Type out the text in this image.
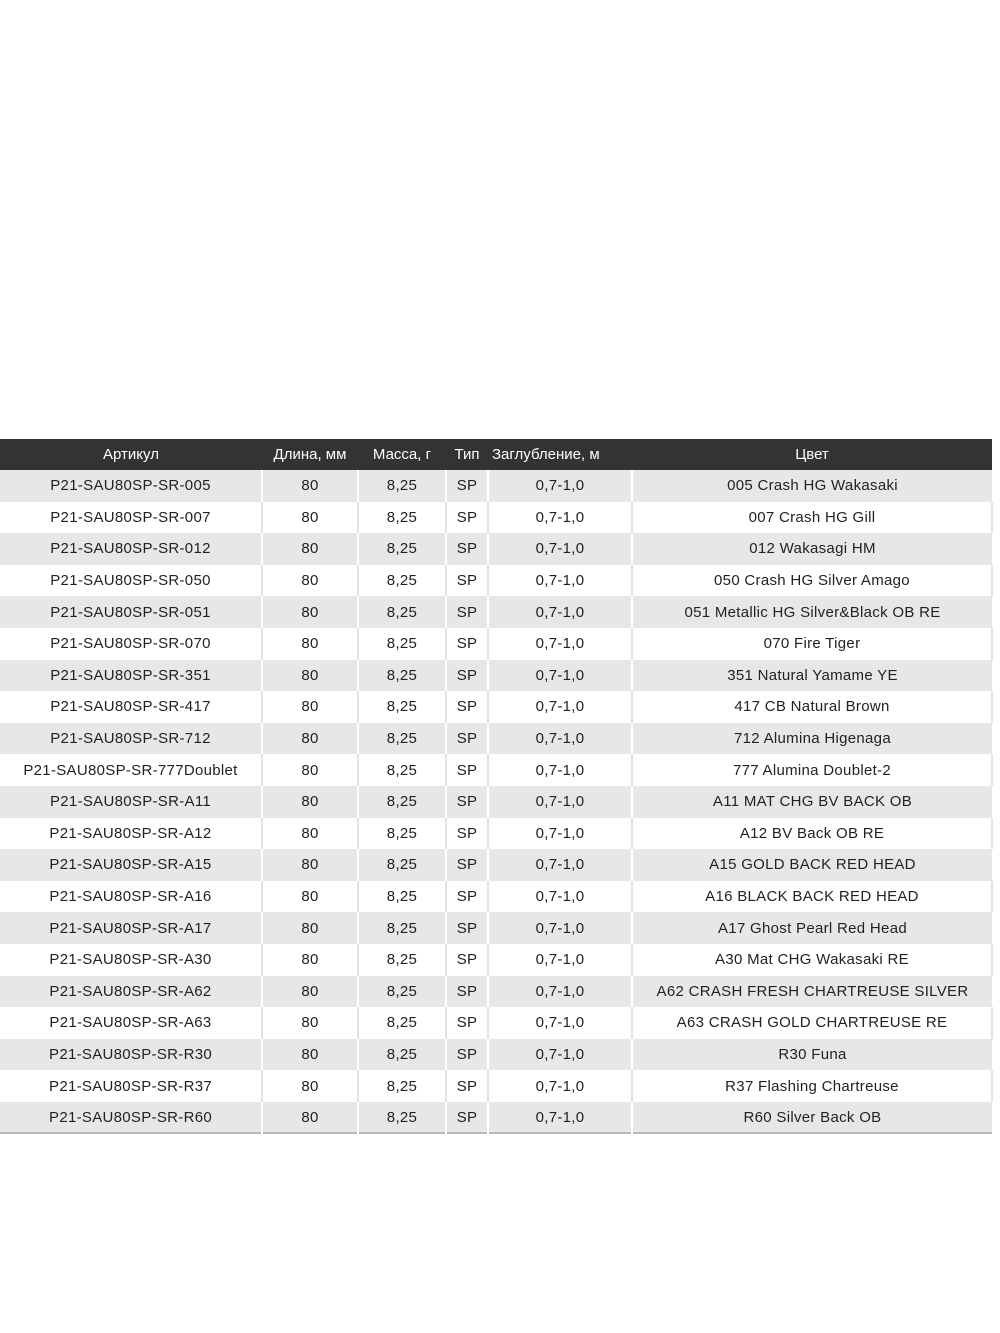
Артикул	Длина, мм	Масса, г	Тип	Заглубление, м	Цвет
P21-SAU80SP-SR-005	80	8,25	SP	0,7-1,0	005 Crash HG Wakasaki
P21-SAU80SP-SR-007	80	8,25	SP	0,7-1,0	007 Crash HG Gill
P21-SAU80SP-SR-012	80	8,25	SP	0,7-1,0	012 Wakasagi HM
P21-SAU80SP-SR-050	80	8,25	SP	0,7-1,0	050 Crash HG Silver Amago
P21-SAU80SP-SR-051	80	8,25	SP	0,7-1,0	051 Metallic HG Silver&Black OB RE
P21-SAU80SP-SR-070	80	8,25	SP	0,7-1,0	070 Fire Tiger
P21-SAU80SP-SR-351	80	8,25	SP	0,7-1,0	351 Natural Yamame YE
P21-SAU80SP-SR-417	80	8,25	SP	0,7-1,0	417 CB Natural Brown
P21-SAU80SP-SR-712	80	8,25	SP	0,7-1,0	712 Alumina Higenaga
P21-SAU80SP-SR-777Doublet	80	8,25	SP	0,7-1,0	777 Alumina Doublet-2
P21-SAU80SP-SR-A11	80	8,25	SP	0,7-1,0	A11 MAT CHG BV BACK OB
P21-SAU80SP-SR-A12	80	8,25	SP	0,7-1,0	A12 BV Back OB RE
P21-SAU80SP-SR-A15	80	8,25	SP	0,7-1,0	A15 GOLD BACK RED HEAD
P21-SAU80SP-SR-A16	80	8,25	SP	0,7-1,0	A16 BLACK BACK RED HEAD
P21-SAU80SP-SR-A17	80	8,25	SP	0,7-1,0	A17 Ghost Pearl Red Head
P21-SAU80SP-SR-A30	80	8,25	SP	0,7-1,0	A30 Mat CHG Wakasaki RE
P21-SAU80SP-SR-A62	80	8,25	SP	0,7-1,0	A62 CRASH FRESH CHARTREUSE SILVER
P21-SAU80SP-SR-A63	80	8,25	SP	0,7-1,0	A63 CRASH GOLD CHARTREUSE RE
P21-SAU80SP-SR-R30	80	8,25	SP	0,7-1,0	R30 Funa
P21-SAU80SP-SR-R37	80	8,25	SP	0,7-1,0	R37 Flashing Chartreuse
P21-SAU80SP-SR-R60	80	8,25	SP	0,7-1,0	R60 Silver Back OB
